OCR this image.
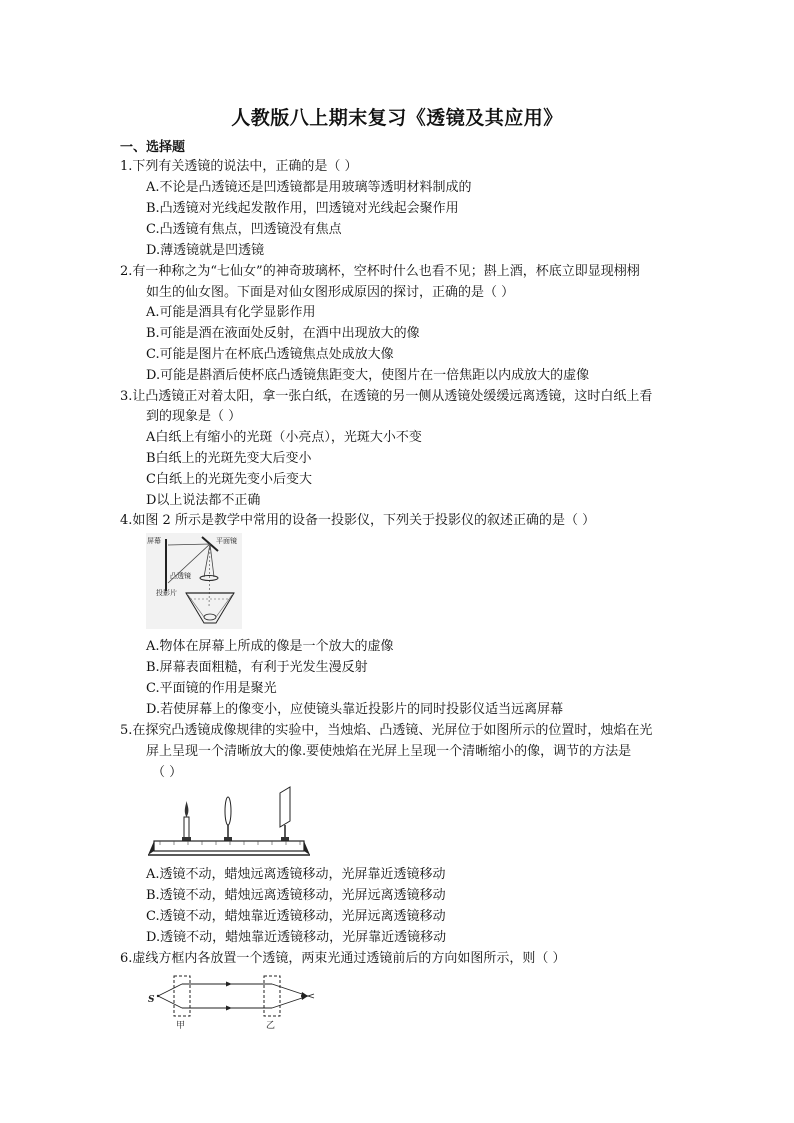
人教版八上期末复习《透镜及其应用》
一、选择题
1.下列有关透镜的说法中，正确的是（ ）
A.不论是凸透镜还是凹透镜都是用玻璃等透明材料制成的
B.凸透镜对光线起发散作用，凹透镜对光线起会聚作用
C.凸透镜有焦点，凹透镜没有焦点
D.薄透镜就是凹透镜
2.有一种称之为“七仙女”的神奇玻璃杯，空杯时什么也看不见；斟上酒，杯底立即显现栩栩
如生的仙女图。下面是对仙女图形成原因的探讨，正确的是（ ）
A.可能是酒具有化学显影作用
B.可能是酒在液面处反射，在酒中出现放大的像
C.可能是图片在杯底凸透镜焦点处成放大像
D.可能是斟酒后使杯底凸透镜焦距变大，使图片在一倍焦距以内成放大的虚像
3.让凸透镜正对着太阳，拿一张白纸，在透镜的另一侧从透镜处缓缓远离透镜，这时白纸上看
到的现象是（ ）
A白纸上有缩小的光斑（小亮点），光斑大小不变
B白纸上的光斑先变大后变小
C白纸上的光斑先变小后变大
D以上说法都不正确
4.如图 2 所示是教学中常用的设备一投影仪，下列关于投影仪的叙述正确的是（ ）
屏幕	平面镜
凸透镜
投影片
A.物体在屏幕上所成的像是一个放大的虚像
B.屏幕表面粗糙，有利于光发生漫反射
C.平面镜的作用是聚光
D.若使屏幕上的像变小，应使镜头靠近投影片的同时投影仪适当远离屏幕
5.在探究凸透镜成像规律的实验中，当烛焰、凸透镜、光屏位于如图所示的位置时，烛焰在光
屏上呈现一个清晰放大的像.要使烛焰在光屏上呈现一个清晰缩小的像，调节的方法是
（ ）
A.透镜不动，蜡烛远离透镜移动，光屏靠近透镜移动
B.透镜不动，蜡烛远离透镜移动，光屏远离透镜移动
C.透镜不动，蜡烛靠近透镜移动，光屏远离透镜移动
D.透镜不动，蜡烛靠近透镜移动，光屏靠近透镜移动
6.虚线方框内各放置一个透镜，两束光通过透镜前后的方向如图所示，则（ ）
S
甲	乙
